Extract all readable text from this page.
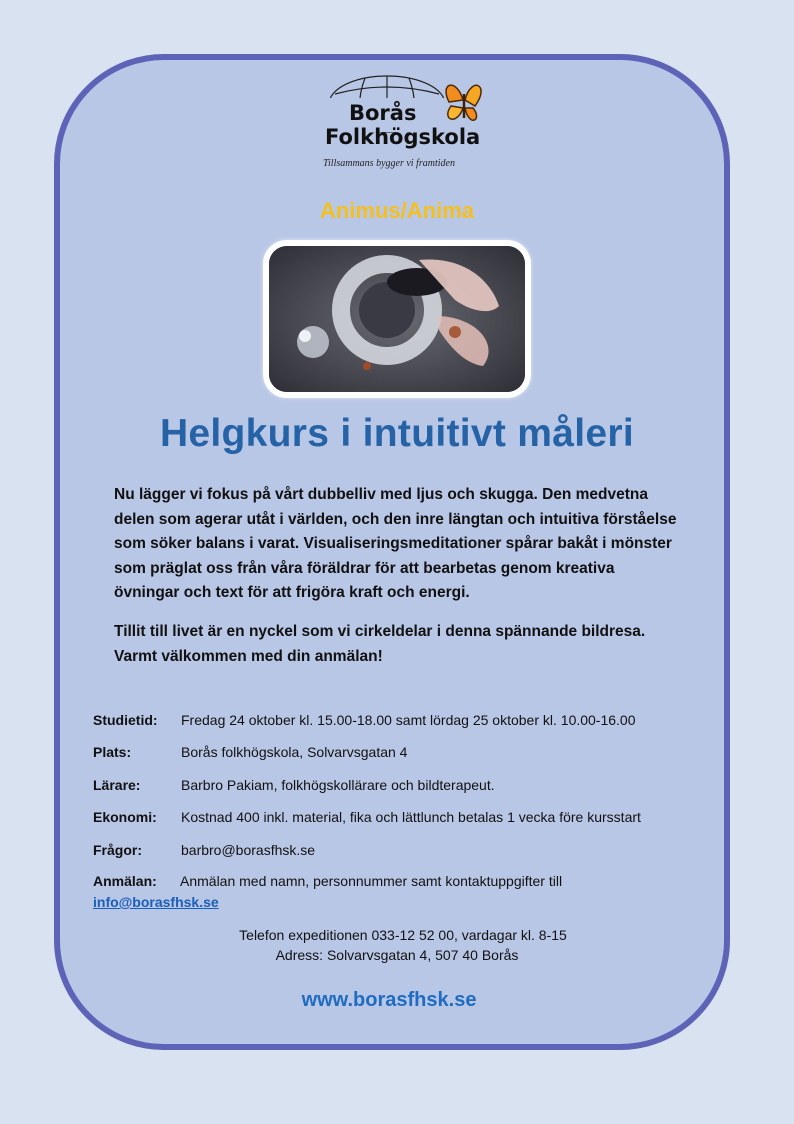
Borås
Folkhögskola
Tillsammans bygger vi framtiden
Animus/Anima
Helgkurs i intuitivt måleri
Nu lägger vi fokus på vårt dubbelliv med ljus och skugga. Den medvetna delen som agerar utåt i världen, och den inre längtan och intuitiva förståelse som söker balans i varat. Visualiseringsmeditationer spårar bakåt i mönster som präglat oss från våra föräldrar för att bearbetas genom kreativa övningar och text för att frigöra kraft och energi.
Tillit till livet är en nyckel som vi cirkeldelar i denna spännande bildresa. Varmt välkommen med din anmälan!
Studietid: Fredag 24 oktober kl. 15.00-18.00 samt lördag 25 oktober kl. 10.00-16.00
Plats:	Borås folkhögskola, Solvarvsgatan 4
Lärare:	Barbro Pakiam, folkhögskollärare och bildterapeut.
Ekonomi: Kostnad 400 inkl. material, fika och lättlunch betalas 1 vecka före kursstart
Frågor:	barbro@borasfhsk.se
Anmälan: Anmälan med namn, personnummer samt kontaktuppgifter till
info@borasfhsk.se
Telefon expeditionen 033-12 52 00, vardagar kl. 8-15
Adress: Solvarvsgatan 4, 507 40 Borås
www.borasfhsk.se
